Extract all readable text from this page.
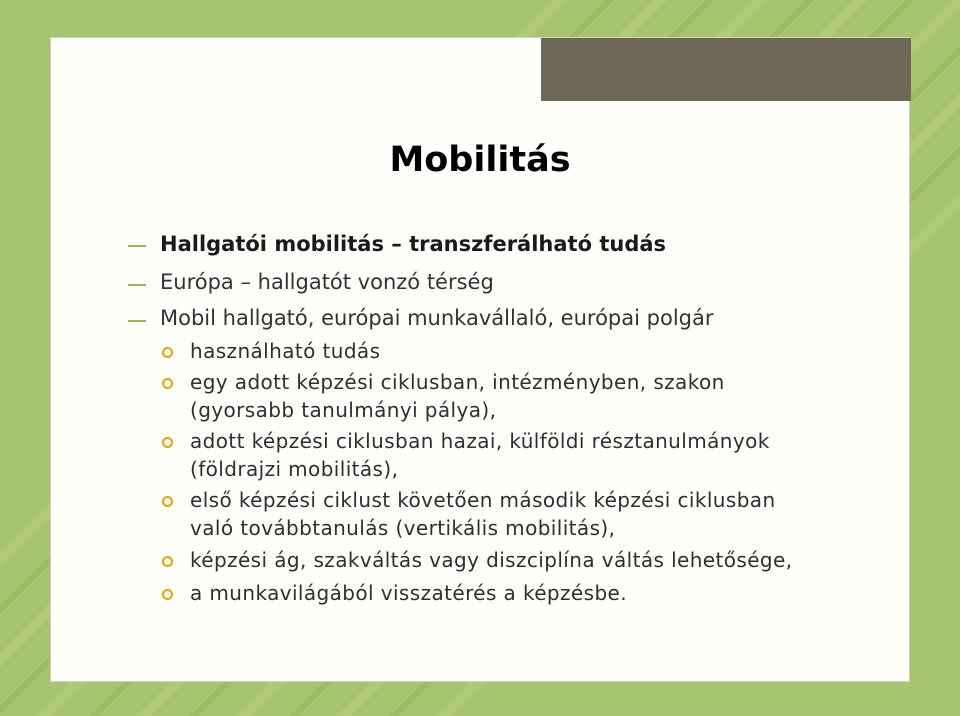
Mobilitás
Hallgatói mobilitás – transzferálható tudás
Európa – hallgatót vonzó térség
Mobil hallgató, európai munkavállaló, európai polgár
használható tudás
egy adott képzési ciklusban, intézményben, szakon
(gyorsabb tanulmányi pálya),
adott képzési ciklusban hazai, külföldi résztanulmányok
(földrajzi mobilitás),
első képzési ciklust követően második képzési ciklusban
való továbbtanulás (vertikális mobilitás),
képzési ág, szakváltás vagy diszciplína váltás lehetősége,
a munkavilágából visszatérés a képzésbe.
